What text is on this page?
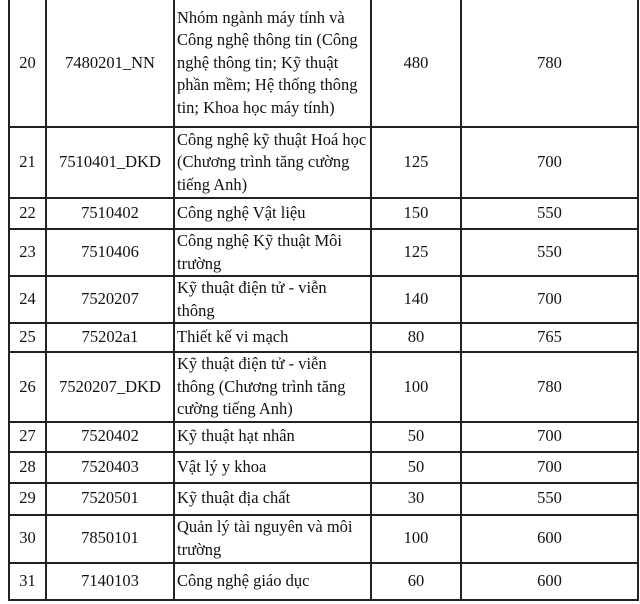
20	7480201_NN	Nhóm ngành máy tính và Công nghệ thông tin (Công nghệ thông tin; Kỹ thuật phần mềm; Hệ thống thông tin; Khoa học máy tính)	480	780
21	7510401_DKD	Công nghệ kỹ thuật Hoá học (Chương trình tăng cường tiếng Anh)	125	700
22	7510402	Công nghệ Vật liệu	150	550
23	7510406	Công nghệ Kỹ thuật Môi trường	125	550
24	7520207	Kỹ thuật điện tử - viễn thông	140	700
25	75202a1	Thiết kế vi mạch	80	765
26	7520207_DKD	Kỹ thuật điện tử - viễn thông (Chương trình tăng cường tiếng Anh)	100	780
27	7520402	Kỹ thuật hạt nhân	50	700
28	7520403	Vật lý y khoa	50	700
29	7520501	Kỹ thuật địa chất	30	550
30	7850101	Quản lý tài nguyên và môi trường	100	600
31	7140103	Công nghệ giáo dục	60	600
